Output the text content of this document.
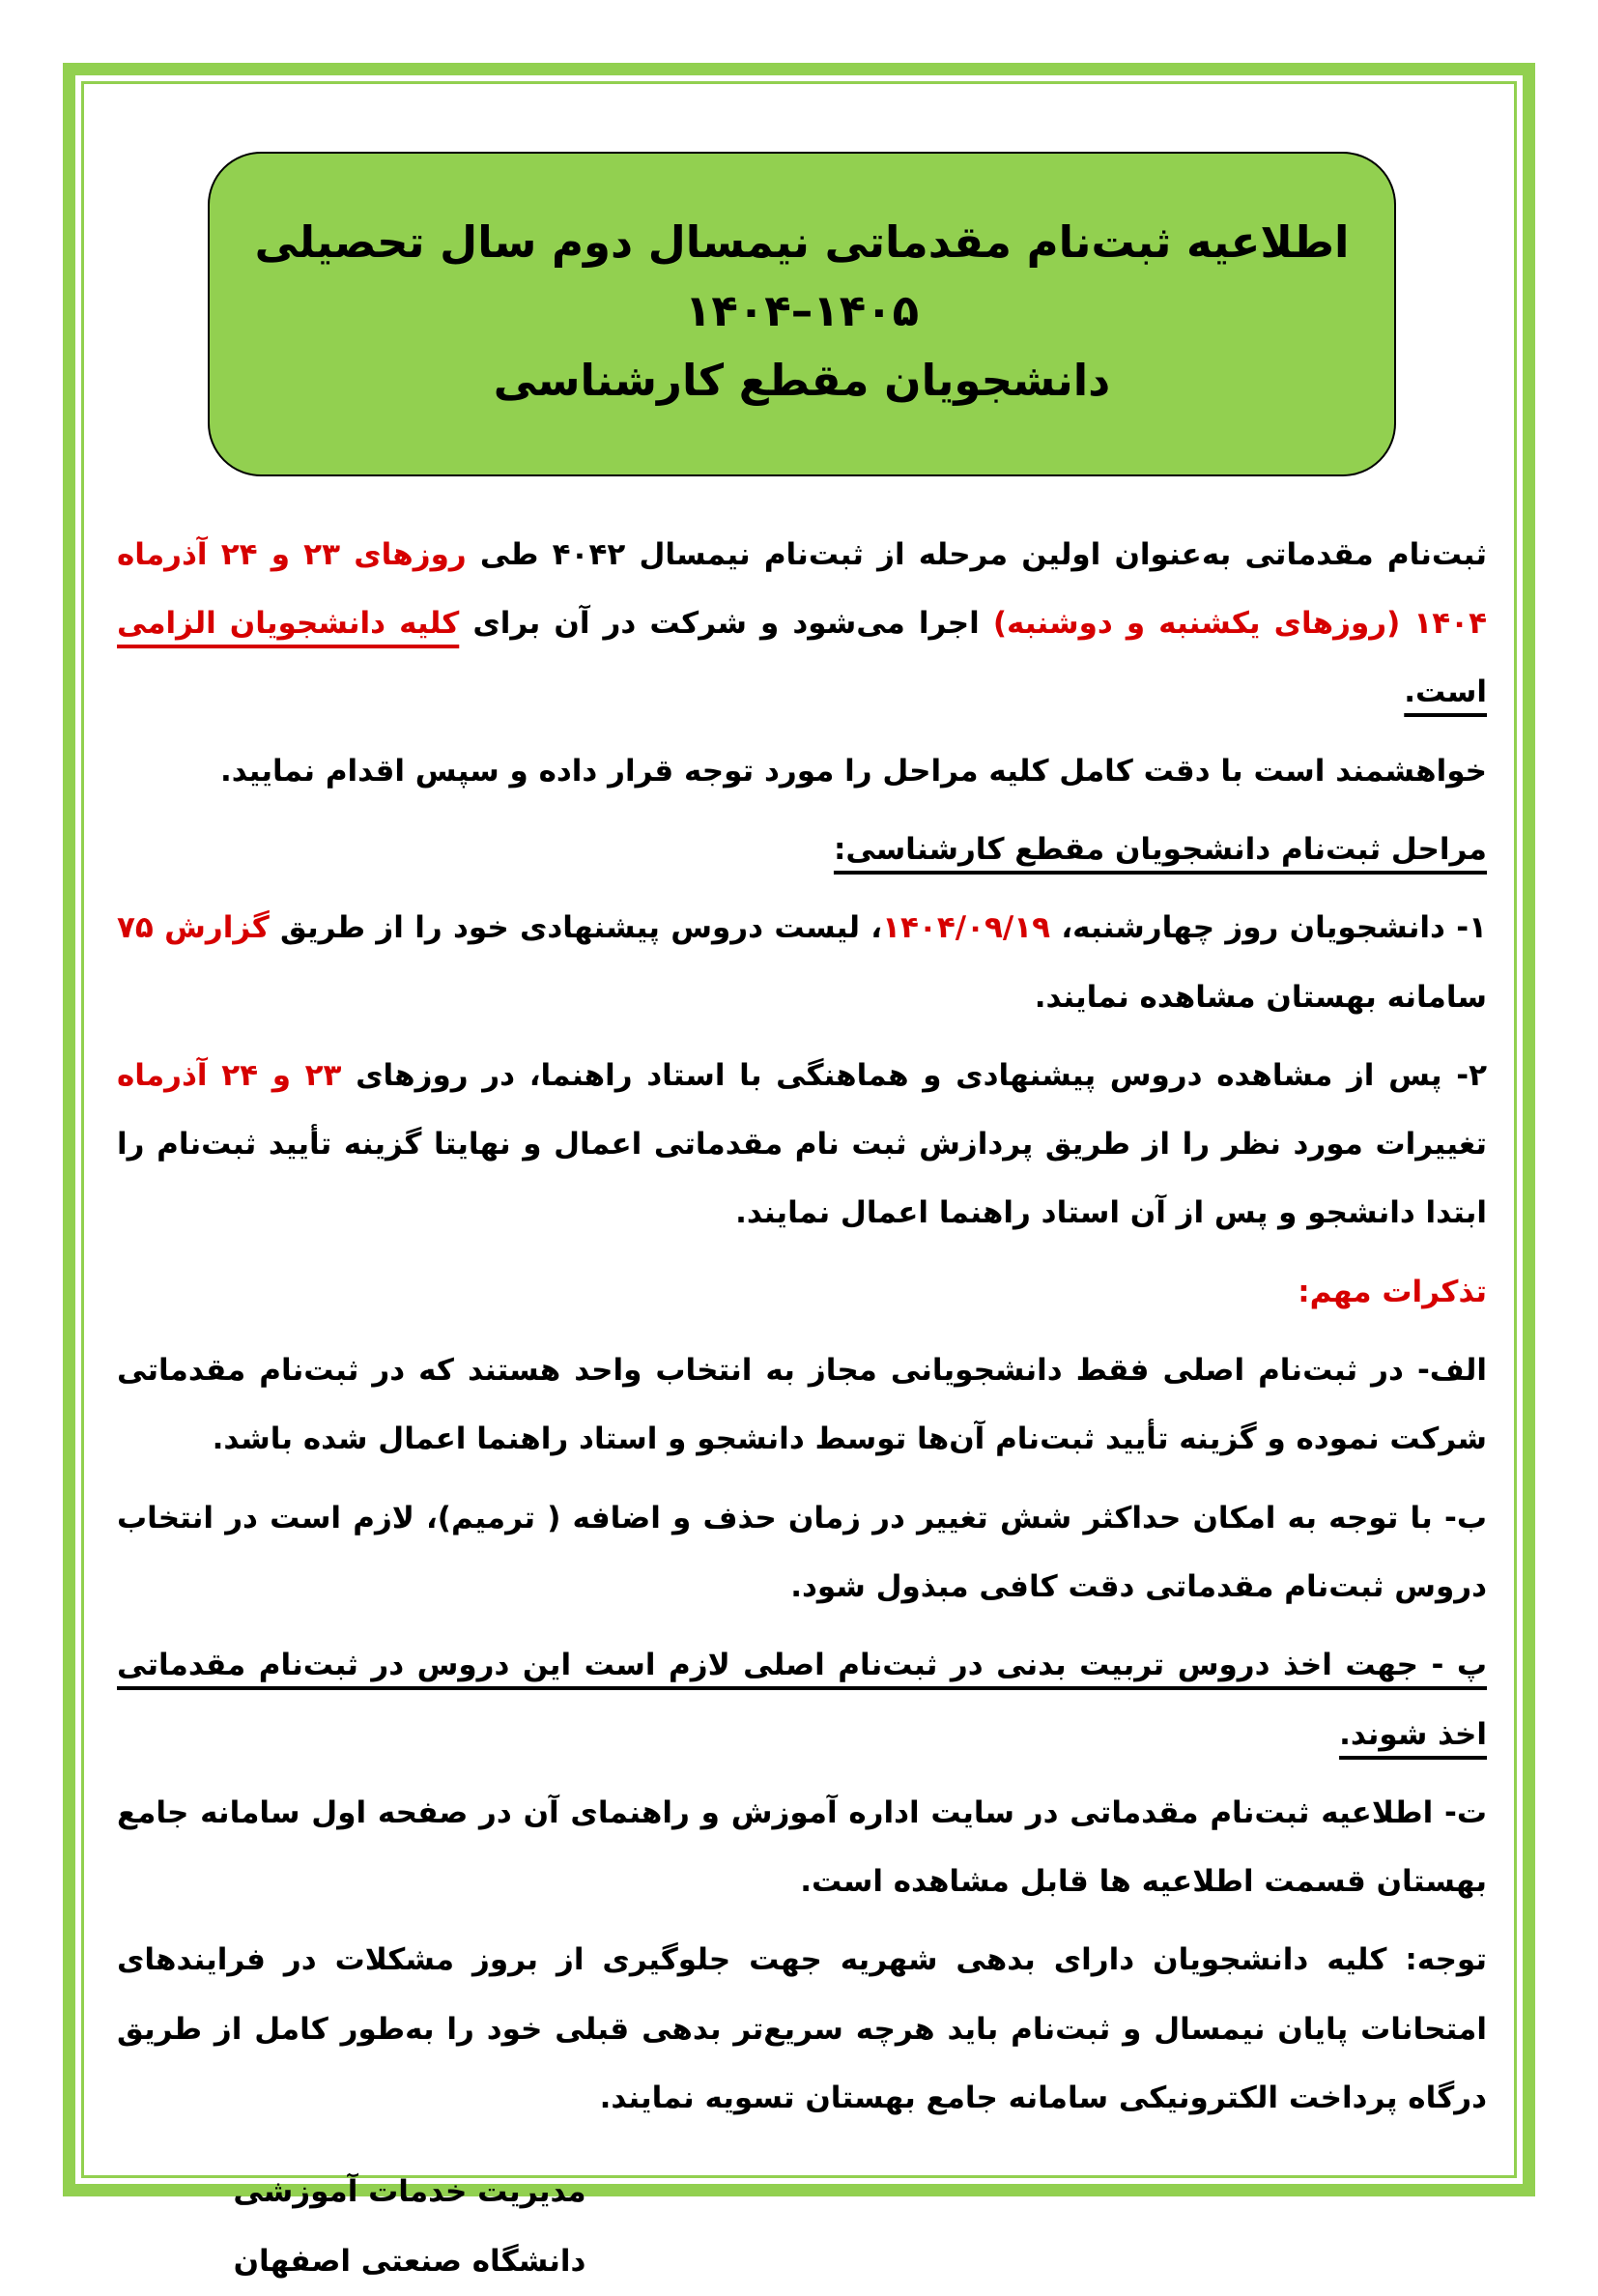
اطلاعیه ثبت‌نام مقدماتی نیمسال دوم سال تحصیلی
۱۴۰۴–۱۴۰۵
دانشجویان مقطع کارشناسی

ثبت‌نام مقدماتی به‌عنوان اولین مرحله از ثبت‌نام نیمسال ۴۰۴۲ طی روزهای ۲۳ و ۲۴ آذرماه ۱۴۰۴ (روزهای یکشنبه و دوشنبه) اجرا می‌شود و شرکت در آن برای کلیه دانشجویان الزامی است.

خواهشمند است با دقت کامل کلیه مراحل را مورد توجه قرار داده و سپس اقدام نمایید.

مراحل ثبت‌نام دانشجویان مقطع کارشناسی:

۱- دانشجویان روز چهارشنبه، ۱۴۰۴/۰۹/۱۹، لیست دروس پیشنهادی خود را از طریق گزارش ۷۵ سامانه بهستان مشاهده نمایند.

۲- پس از مشاهده دروس پیشنهادی و هماهنگی با استاد راهنما، در روزهای ۲۳ و ۲۴ آذرماه تغییرات مورد نظر را از طریق پردازش ثبت نام مقدماتی اعمال و نهایتا گزینه تأیید ثبت‌نام را ابتدا دانشجو و پس از آن استاد راهنما اعمال نمایند.

تذکرات مهم:

الف- در ثبت‌نام اصلی فقط دانشجویانی مجاز به انتخاب واحد هستند که در ثبت‌نام مقدماتی شرکت نموده و گزینه تأیید ثبت‌نام آن‌ها توسط دانشجو و استاد راهنما اعمال شده باشد.

ب- با توجه به امکان حداکثر شش تغییر در زمان حذف و اضافه ( ترمیم)، لازم است در انتخاب دروس ثبت‌نام مقدماتی دقت کافی مبذول شود.

پ - جهت اخذ دروس تربیت بدنی در ثبت‌نام اصلی لازم است این دروس در ثبت‌نام مقدماتی اخذ شوند.

ت- اطلاعیه ثبت‌نام مقدماتی در سایت اداره آموزش و راهنمای آن در صفحه اول سامانه جامع بهستان قسمت اطلاعیه ها قابل مشاهده است.

توجه: کلیه دانشجویان دارای بدهی شهریه جهت جلوگیری از بروز مشکلات در فرایندهای امتحانات پایان نیمسال و ثبت‌نام باید هرچه سریع‌تر بدهی قبلی خود را به‌طور کامل از طریق درگاه پرداخت الکترونیکی سامانه جامع بهستان تسویه نمایند.

مدیریت خدمات آموزشی
دانشگاه صنعتی اصفهان
